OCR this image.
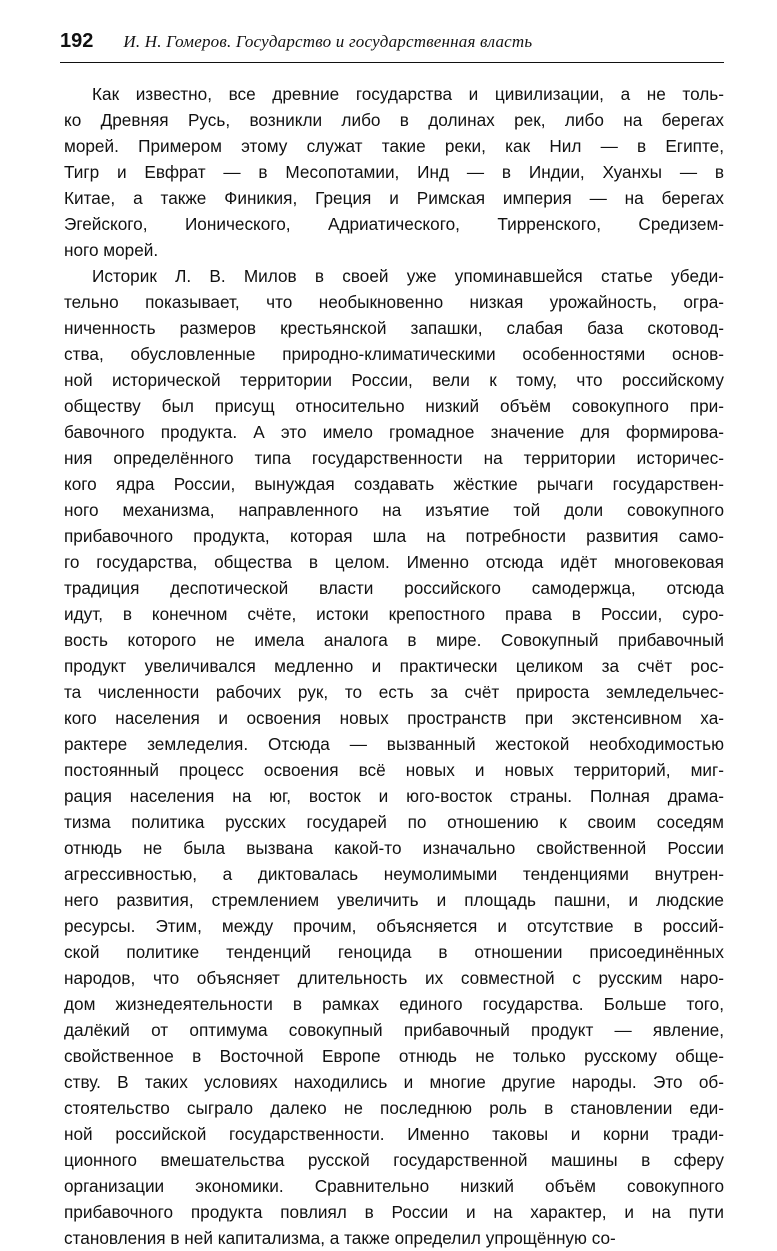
192 И. Н. Гомеров. Государство и государственная власть
Как известно, все древние государства и цивилизации, а не толь-
ко Древняя Русь, возникли либо в долинах рек, либо на берегах
морей. Примером этому служат такие реки, как Нил — в Египте,
Тигр и Евфрат — в Месопотамии, Инд — в Индии, Хуанхы — в
Китае, а также Финикия, Греция и Римская империя — на берегах
Эгейского, Ионического, Адриатического, Тирренского, Средизем-
ного морей.
Историк Л. В. Милов в своей уже упоминавшейся статье убеди-
тельно показывает, что необыкновенно низкая урожайность, огра-
ниченность размеров крестьянской запашки, слабая база скотовод-
ства, обусловленные природно-климатическими особенностями основ-
ной исторической территории России, вели к тому, что российскому
обществу был присущ относительно низкий объём совокупного при-
бавочного продукта. А это имело громадное значение для формирова-
ния определённого типа государственности на территории историчес-
кого ядра России, вынуждая создавать жёсткие рычаги государствен-
ного механизма, направленного на изъятие той доли совокупного
прибавочного продукта, которая шла на потребности развития само-
го государства, общества в целом. Именно отсюда идёт многовековая
традиция деспотической власти российского самодержца, отсюда
идут, в конечном счёте, истоки крепостного права в России, суро-
вость которого не имела аналога в мире. Совокупный прибавочный
продукт увеличивался медленно и практически целиком за счёт рос-
та численности рабочих рук, то есть за счёт прироста земледельчес-
кого населения и освоения новых пространств при экстенсивном ха-
рактере земледелия. Отсюда — вызванный жестокой необходимостью
постоянный процесс освоения всё новых и новых территорий, миг-
рация населения на юг, восток и юго-восток страны. Полная драма-
тизма политика русских государей по отношению к своим соседям
отнюдь не была вызвана какой-то изначально свойственной России
агрессивностью, а диктовалась неумолимыми тенденциями внутрен-
него развития, стремлением увеличить и площадь пашни, и людские
ресурсы. Этим, между прочим, объясняется и отсутствие в россий-
ской политике тенденций геноцида в отношении присоединённых
народов, что объясняет длительность их совместной с русским наро-
дом жизнедеятельности в рамках единого государства. Больше того,
далёкий от оптимума совокупный прибавочный продукт — явление,
свойственное в Восточной Европе отнюдь не только русскому обще-
ству. В таких условиях находились и многие другие народы. Это об-
стоятельство сыграло далеко не последнюю роль в становлении еди-
ной российской государственности. Именно таковы и корни тради-
ционного вмешательства русской государственной машины в сферу
организации экономики. Сравнительно низкий объём совокупного
прибавочного продукта повлиял в России и на характер, и на пути
становления в ней капитализма, а также определил упрощённую со-
